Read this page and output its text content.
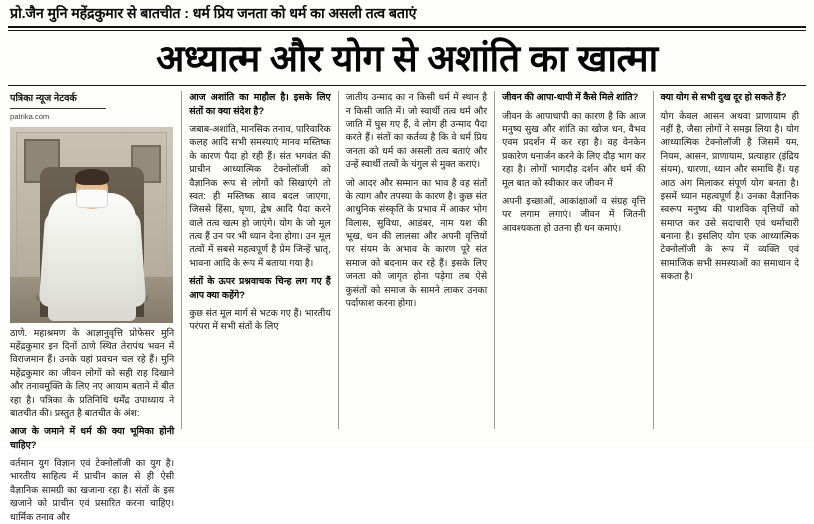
प्रो.जैन मुनि महेंद्रकुमार से बातचीत : धर्म प्रिय जनता को धर्म का असली तत्व बताएं
अध्यात्म और योग से अशांति का खात्मा
पत्रिका न्यूज नेटवर्क
patrika.com

ठाणे. महाश्रमण के आज्ञानुवृत्ति प्रोफेसर मुनि महेंद्रकुमार इन दिनों ठाणे स्थित तेरापंथ भवन में विराजमान हैं। उनके यहां प्रवचन चल रहे हैं। मुनि महेंद्रकुमार का जीवन लोगों को सही राह दिखाने और तनावमुक्ति के लिए नए आयाम बताने में बीत रहा है। पत्रिका के प्रतिनिधि धर्मेंद्र उपाध्याय ने बातचीत की। प्रस्तुत है बातचीत के अंश:

आज के जमाने में धर्म की क्या भूमिका होनी चाहिए?

वर्तमान युग विज्ञान एवं टेक्नोलॉजी का युग है। भारतीय साहित्य में प्राचीन काल से ही ऐसी वैज्ञानिक सामग्री का खजाना रहा है। संतों के इस खजाने को प्राचीन एवं प्रसारित करना चाहिए। धार्मिक तनाव और

आज अशांति का माहौल है। इसके लिए संतों का क्या संदेश है?

जबाब-अशांति, मानसिक तनाव, पारिवारिक कलह आदि सभी समस्याएं मानव मस्तिष्क के कारण पैदा हो रही हैं। संत भगवंत की प्राचीन आध्यात्मिक टेक्नोलॉजी को वैज्ञानिक रूप से लोगों को सिखाएंगे तो स्वत: ही मस्तिष्क स्राव बदल जाएगा, जिससे हिंसा, घृणा, द्वेष आदि पैदा करने वाले तत्व खत्म हो जाएंगे। योग के जो मूल तत्व हैं उन पर भी ध्यान देना होगा। उन मूल तत्वों में सबसे महत्वपूर्ण है प्रेम जिन्हें भ्रातृ, भावना आदि के रूप में बताया गया है।

संतों के ऊपर प्रश्नवाचक चिन्ह लग गए हैं आप क्या कहेंगे?

कुछ संत मूल मार्ग से भटक गए हैं। भारतीय परंपरा में सभी संतों के लिए

जातीय उन्माद का न किसी धर्म में स्थान है न किसी जाति में। जो स्वार्थी तत्व धर्म और जाति में घुस गए हैं, वे लोग ही उन्माद पैदा करते हैं। संतों का कर्तव्य है कि वे धर्म प्रिय जनता को धर्म का असली तत्व बताएं और उन्हें स्वार्थी तत्वों के चंगुल से मुक्त कराएं।

जो आदर और सम्मान का भाव है वह संतों के त्याग और तपस्या के कारण है। कुछ संत आधुनिक संस्कृति के प्रभाव में आकर भोग विलास, सुविधा, आडंबर, नाम यश की भूख, धन की लालसा और अपनी वृत्तियों पर संयम के अभाव के कारण पूरे संत समाज को बदनाम कर रहे हैं। इसके लिए जनता को जागृत होना पड़ेगा तब ऐसे कुसंतों को समाज के सामने लाकर उनका पर्दाफाश करना होगा।

जीवन की आपा-धापी में कैसे मिले शांति?

जीवन के आपाधापी का कारण है कि आज मनुष्य सुख और शांति का खोज धन, वैभव एवम प्रदर्शन में कर रहा है। वह वेनकेन प्रकारेण धनार्जन करने के लिए दौड़ भाग कर रहा है। लोगों भागदौड़ दर्शन और धर्म की मूल बात को स्वीकार कर जीवन में

अपनी इच्छाओं, आकांक्षाओं व संग्रह वृत्ति पर लगाम लगाएं। जीवन में जितनी आवश्यकता हो उतना ही धन कमाएं।

क्या योग से सभी दुख दूर हो सकते हैं?

योग केवल आसन अथवा प्राणायाम ही नहीं है, जैसा लोगों ने समझ लिया है। योग आध्यात्मिक टेक्नोलॉजी है जिसमें यम, नियम, आसन, प्राणायाम, प्रत्याहार (इंद्रिय संयम), धारणा, ध्यान और समाधि हैं। यह आठ अंग मिलाकर संपूर्ण योग बनता है। इसमें ध्यान महत्वपूर्ण है। उनका वैज्ञानिक स्वरूप मनुष्य की पाशविक वृत्तियों को समाप्त कर उसे सदाचारी एवं धर्माचारी बनाना है। इसलिए योग एक आध्यात्मिक टेक्नोलॉजी के रूप में व्यक्ति एवं सामाजिक सभी समस्याओं का समाधान दे सकता है।
